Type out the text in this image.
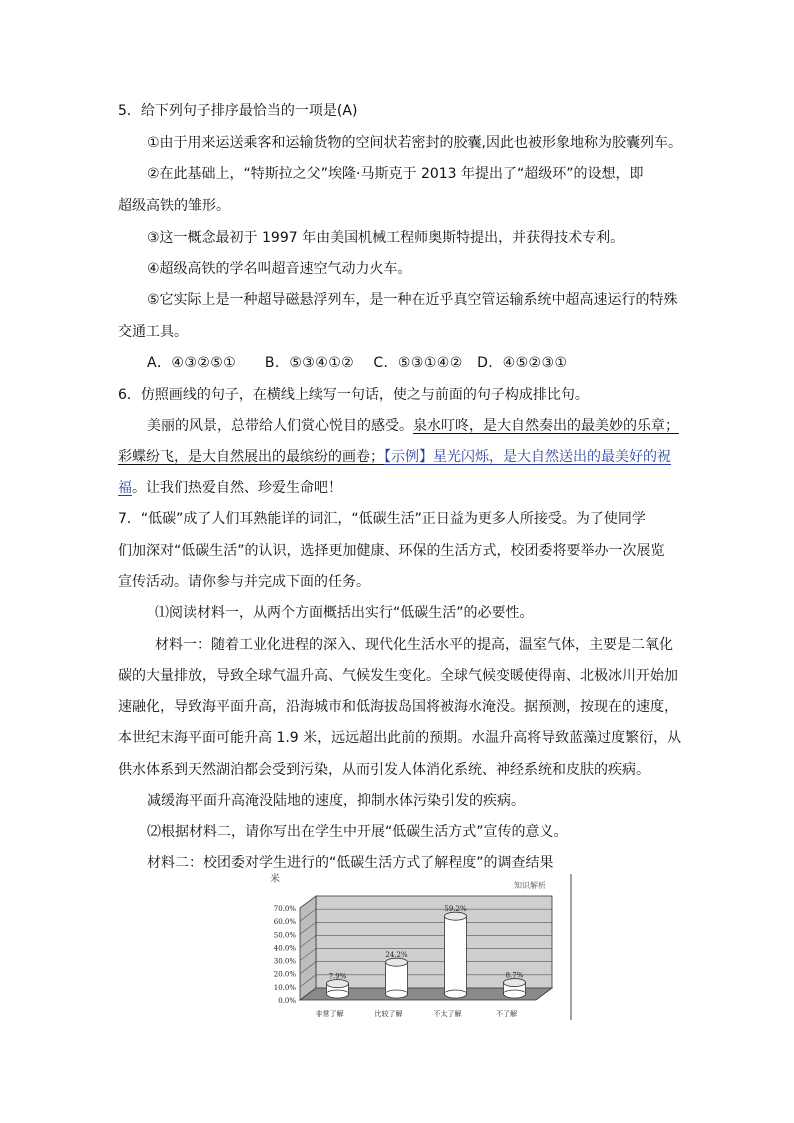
5．给下列句子排序最恰当的一项是(A)
①由于用来运送乘客和运输货物的空间状若密封的胶囊,因此也被形象地称为胶囊列车。
②在此基础上，“特斯拉之父”埃隆·马斯克于 2013 年提出了“超级环”的设想，即
超级高铁的雏形。
③这一概念最初于 1997 年由美国机械工程师奥斯特提出，并获得技术专利。
④超级高铁的学名叫超音速空气动力火车。
⑤它实际上是一种超导磁悬浮列车，是一种在近乎真空管运输系统中超高速运行的特殊
交通工具。
A．④③②⑤①　　B．⑤③④①②　 C．⑤③①④②　D．④⑤②③①
6．仿照画线的句子，在横线上续写一句话，使之与前面的句子构成排比句。
美丽的风景，总带给人们赏心悦目的感受。泉水叮咚，是大自然奏出的最美妙的乐章；
彩蝶纷飞，是大自然展出的最缤纷的画卷；【示例】星光闪烁，是大自然送出的最美好的祝
福。让我们热爱自然、珍爱生命吧！
7．“低碳”成了人们耳熟能详的词汇，“低碳生活”正日益为更多人所接受。为了使同学
们加深对“低碳生活”的认识，选择更加健康、环保的生活方式，校团委将要举办一次展览
宣传活动。请你参与并完成下面的任务。
⑴阅读材料一，从两个方面概括出实行“低碳生活”的必要性。
材料一：随着工业化进程的深入、现代化生活水平的提高，温室气体，主要是二氧化
碳的大量排放，导致全球气温升高、气候发生变化。全球气候变暖使得南、北极冰川开始加
速融化，导致海平面升高，沿海城市和低海拔岛国将被海水淹没。据预测，按现在的速度，
本世纪末海平面可能升高 1.9 米，远远超出此前的预期。水温升高将导致蓝藻过度繁衍，从
供水体系到天然湖泊都会受到污染，从而引发人体消化系统、神经系统和皮肤的疾病。
减缓海平面升高淹没陆地的速度，抑制水体污染引发的疾病。
⑵根据材料二，请你写出在学生中开展“低碳生活方式”宣传的意义。
材料二：校团委对学生进行的“低碳生活方式了解程度”的调查结果
米
知识解析
0.0%
10.0%
20.0%
30.0%
40.0%
50.0%
60.0%
70.0%
7.9%
非常了解
24.2%
比较了解
59.2%
不太了解
8.7%
不了解
